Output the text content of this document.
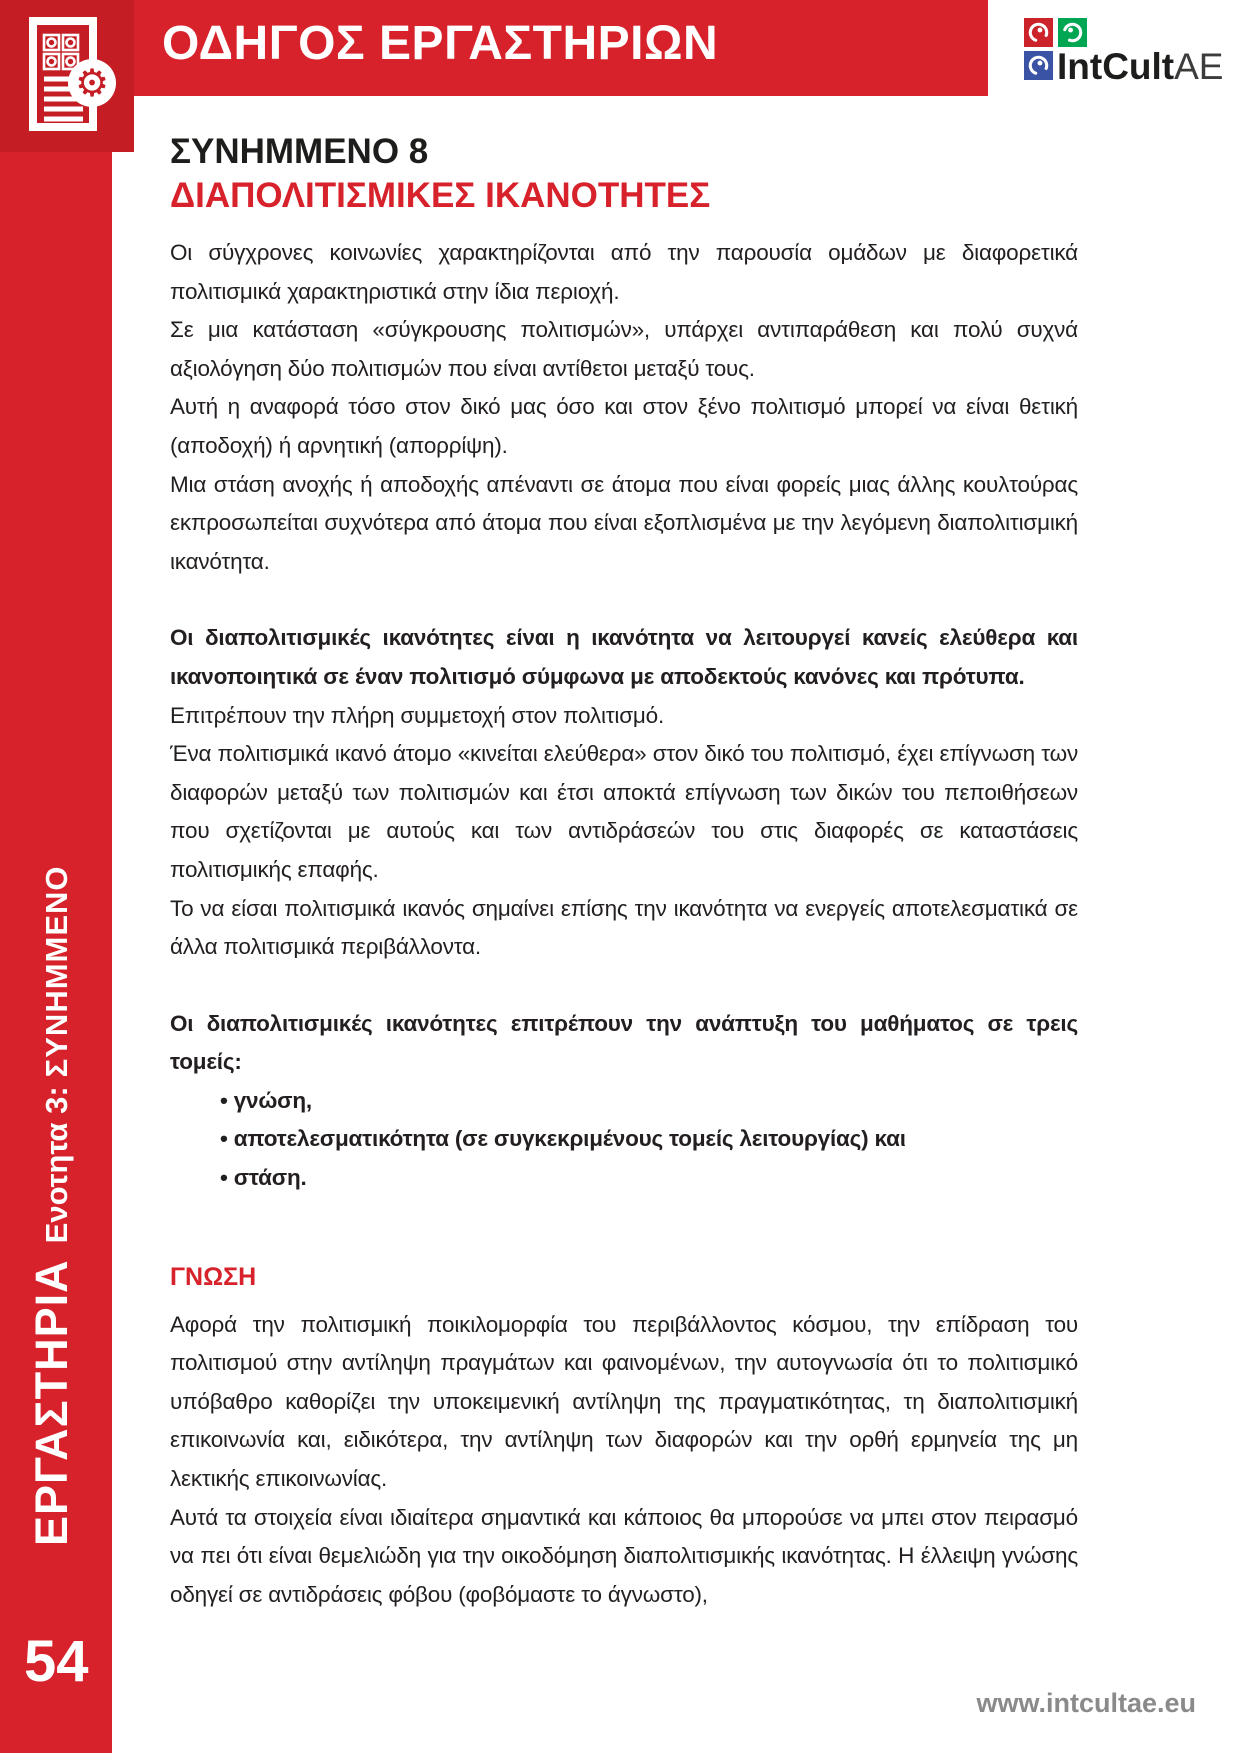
ΟΔΗΓΟΣ ΕΡΓΑΣΤΗΡΙΩΝ
⚙	IntCultAE
ΕΡΓΑΣΤΗΡΙΑΕνοτητα 3:ΣΥΝΗΜΜΕΝΟ
54
ΣΥΝΗΜΜΕΝΟ 8
ΔΙΑΠΟΛΙΤΙΣΜΙΚΕΣ ΙΚΑΝΟΤΗΤΕΣ

Οι σύγχρονες κοινωνίες χαρακτηρίζονται από την παρουσία ομάδων με διαφορετικά πολιτισμικά χαρακτηριστικά στην ίδια περιοχή.

Σε μια κατάσταση «σύγκρουσης πολιτισμών», υπάρχει αντιπαράθεση και πολύ συχνά αξιολόγηση δύο πολιτισμών που είναι αντίθετοι μεταξύ τους.

Αυτή η αναφορά τόσο στον δικό μας όσο και στον ξένο πολιτισμό μπορεί να είναι θετική (αποδοχή) ή αρνητική (απορρίψη).

Μια στάση ανοχής ή αποδοχής απέναντι σε άτομα που είναι φορείς μιας άλλης κουλτούρας εκπροσωπείται συχνότερα από άτομα που είναι εξοπλισμένα με την λεγόμενη διαπολιτισμική ικανότητα.

Οι διαπολιτισμικές ικανότητες είναι η ικανότητα να λειτουργεί κανείς ελεύθερα και ικανοποιητικά σε έναν πολιτισμό σύμφωνα με αποδεκτούς κανόνες και πρότυπα.

Επιτρέπουν την πλήρη συμμετοχή στον πολιτισμό.

Ένα πολιτισμικά ικανό άτομο «κινείται ελεύθερα» στον δικό του πολιτισμό, έχει επίγνωση των διαφορών μεταξύ των πολιτισμών και έτσι αποκτά επίγνωση των δικών του πεποιθήσεων που σχετίζονται με αυτούς και των αντιδράσεών του στις διαφορές σε καταστάσεις πολιτισμικής επαφής.

Το να είσαι πολιτισμικά ικανός σημαίνει επίσης την ικανότητα να ενεργείς αποτελεσματικά σε άλλα πολιτισμικά περιβάλλοντα.

Οι διαπολιτισμικές ικανότητες επιτρέπουν την ανάπτυξη του μαθήματος σε τρεις τομείς:

• γνώση,
• αποτελεσματικότητα (σε συγκεκριμένους τομείς λειτουργίας) και
• στάση.
ΓΝΩΣΗ

Αφορά την πολιτισμική ποικιλομορφία του περιβάλλοντος κόσμου, την επίδραση του πολιτισμού στην αντίληψη πραγμάτων και φαινομένων, την αυτογνωσία ότι το πολιτισμικό υπόβαθρο καθορίζει την υποκειμενική αντίληψη της πραγματικότητας, τη διαπολιτισμική επικοινωνία και, ειδικότερα, την αντίληψη των διαφορών και την ορθή ερμηνεία της μη λεκτικής επικοινωνίας.

Αυτά τα στοιχεία είναι ιδιαίτερα σημαντικά και κάποιος θα μπορούσε να μπει στον πειρασμό να πει ότι είναι θεμελιώδη για την οικοδόμηση διαπολιτισμικής ικανότητας. Η έλλειψη γνώσης οδηγεί σε αντιδράσεις φόβου (φοβόμαστε το άγνωστο),

www.intcultae.eu
